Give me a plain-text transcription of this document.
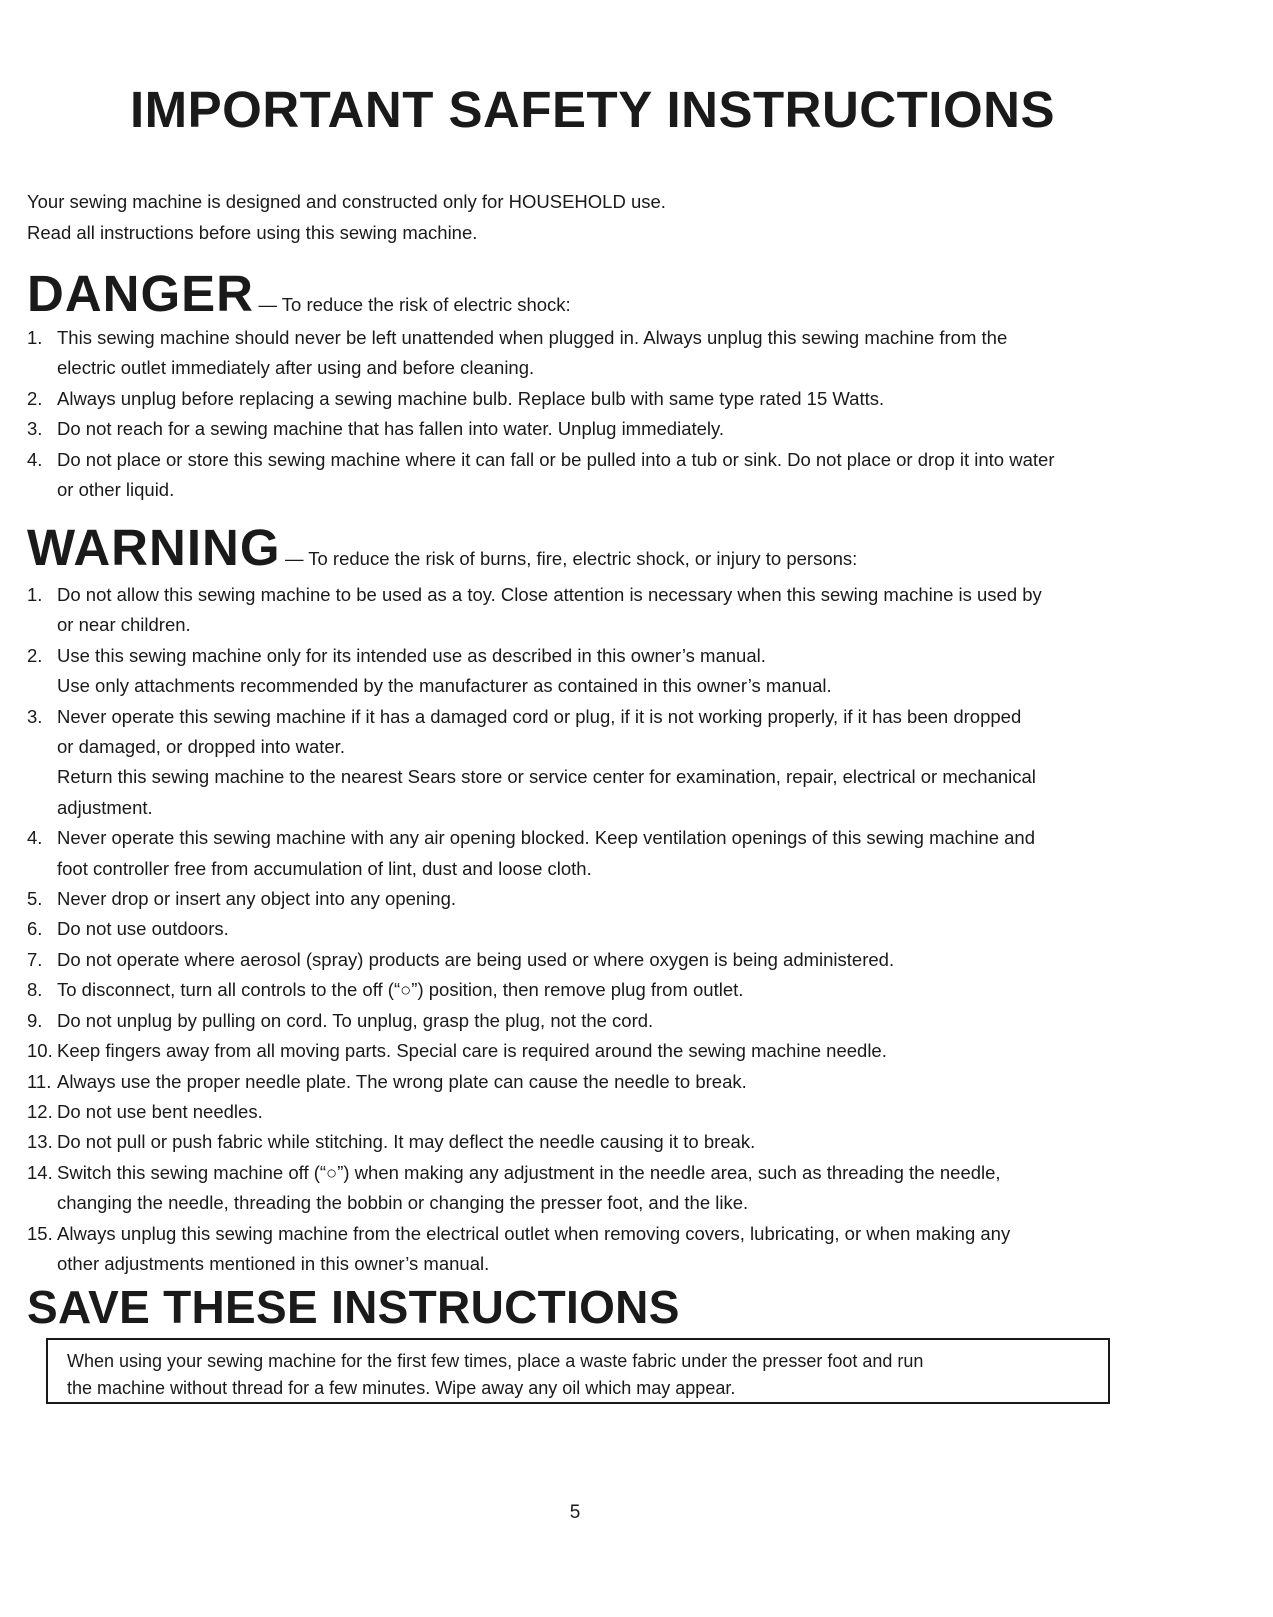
IMPORTANT SAFETY INSTRUCTIONS
Your sewing machine is designed and constructed only for HOUSEHOLD use.
Read all instructions before using this sewing machine.
DANGER — To reduce the risk of electric shock:
1. This sewing machine should never be left unattended when plugged in. Always unplug this sewing machine from the
electric outlet immediately after using and before cleaning.
2. Always unplug before replacing a sewing machine bulb. Replace bulb with same type rated 15 Watts.
3. Do not reach for a sewing machine that has fallen into water. Unplug immediately.
4. Do not place or store this sewing machine where it can fall or be pulled into a tub or sink. Do not place or drop it into water
or other liquid.
WARNING — To reduce the risk of burns, fire, electric shock, or injury to persons:
1. Do not allow this sewing machine to be used as a toy. Close attention is necessary when this sewing machine is used by
or near children.
2. Use this sewing machine only for its intended use as described in this owner’s manual.
Use only attachments recommended by the manufacturer as contained in this owner’s manual.
3. Never operate this sewing machine if it has a damaged cord or plug, if it is not working properly, if it has been dropped
or damaged, or dropped into water.
Return this sewing machine to the nearest Sears store or service center for examination, repair, electrical or mechanical
adjustment.
4. Never operate this sewing machine with any air opening blocked. Keep ventilation openings of this sewing machine and
foot controller free from accumulation of lint, dust and loose cloth.
5. Never drop or insert any object into any opening.
6. Do not use outdoors.
7. Do not operate where aerosol (spray) products are being used or where oxygen is being administered.
8. To disconnect, turn all controls to the off (“○”) position, then remove plug from outlet.
9. Do not unplug by pulling on cord. To unplug, grasp the plug, not the cord.
10. Keep fingers away from all moving parts. Special care is required around the sewing machine needle.
11. Always use the proper needle plate. The wrong plate can cause the needle to break.
12. Do not use bent needles.
13. Do not pull or push fabric while stitching. It may deflect the needle causing it to break.
14. Switch this sewing machine off (“○”) when making any adjustment in the needle area, such as threading the needle,
changing the needle, threading the bobbin or changing the presser foot, and the like.
15. Always unplug this sewing machine from the electrical outlet when removing covers, lubricating, or when making any
other adjustments mentioned in this owner’s manual.
SAVE THESE INSTRUCTIONS
When using your sewing machine for the first few times, place a waste fabric under the presser foot and run
the machine without thread for a few minutes. Wipe away any oil which may appear.
5
